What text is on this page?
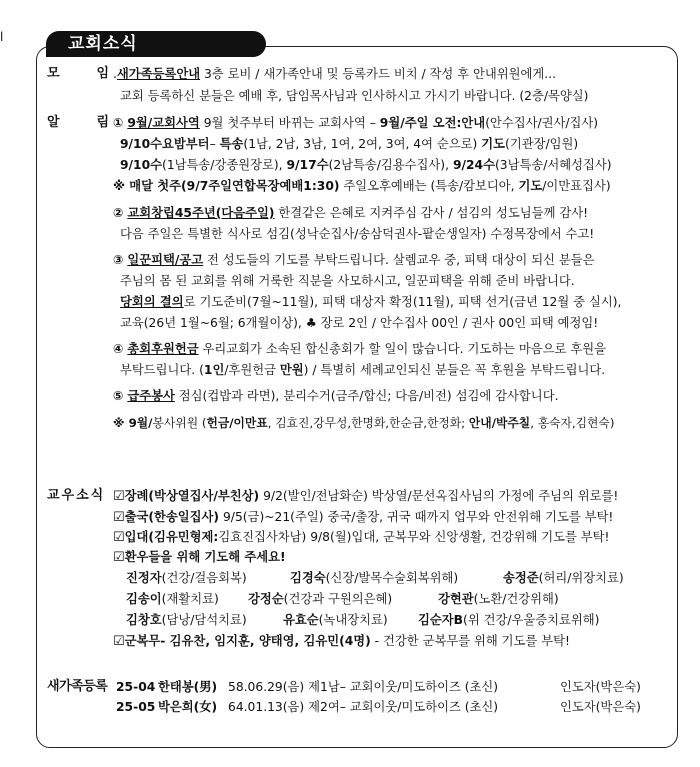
l	교회소식
모	임 .새가족등록안내 3층 로비 / 새가족안내 및 등록카드 비치 / 작성 후 안내위원에게...
교회 등록하신 분들은 예배 후, 담임목사님과 인사하시고 가시기 바랍니다. (2층/목양실)
알	림 ① 9월/교회사역 9월 첫주부터 바뀌는 교회사역 – 9월/주일 오전:안내(안수집사/권사/집사)
9/10수요밤부터– 특송(1남, 2남, 3남, 1여, 2여, 3여, 4여 순으로) 기도(기관장/임원)
9/10수(1남특송/강종원장로), 9/17수(2남특송/김용수집사), 9/24수(3남특송/서혜성집사)
※ 매달 첫주(9/7주일연합목장예배1:30) 주일오후예배는 (특송/캄보디아, 기도/이만표집사)
② 교회창립45주년(다음주일) 한결같은 은혜로 지켜주심 감사 / 섬김의 성도님들께 감사!
다음 주일은 특별한 식사로 섬김(성낙순집사/송삼덕권사-팥순생일자) 수정목장에서 수고!
③ 일꾼피택/공고 전 성도들의 기도를 부탁드립니다. 살렘교우 중, 피택 대상이 되신 분들은
주님의 몸 된 교회를 위해 거룩한 직분을 사모하시고, 일꾼피택을 위해 준비 바랍니다.
당회의 결의로 기도준비(7월~11월), 피택 대상자 확정(11월), 피택 선거(금년 12월 중 실시),
교육(26년 1월~6월; 6개월이상), ♣ 장로 2인 / 안수집사 00인 / 권사 00인 피택 예정임!
④ 총회후원헌금 우리교회가 소속된 합신총회가 할 일이 많습니다. 기도하는 마음으로 후원을
부탁드립니다. (1인/후원헌금 만원) / 특별히 세례교인되신 분들은 꼭 후원을 부탁드립니다.
⑤ 급주봉사 점심(컵밥과 라면), 분리수거(금주/합신; 다음/비전) 섬김에 감사합니다.
※ 9월/봉사위원 (헌금/이만표, 김효진,강무성,한명화,한순금,한정화; 안내/박주칠, 홍숙자,김현숙)
교우소식 ☑장례(박상열집사/부친상) 9/2(발인/전남화순) 박상열/문선옥집사님의 가정에 주님의 위로를!
☑출국(한송일집사) 9/5(금)~21(주일) 중국/출장, 귀국 때까지 업무와 안전위해 기도를 부탁!
☑입대(김유민형제:김효진집사차남) 9/8(월)입대, 군복무와 신앙생활, 건강위해 기도를 부탁!
☑환우들을 위해 기도해 주세요!
진정자(건강/걸음회복)	김경숙(신장/발목수술회복위해)	송정준(허리/위장치료)
김송이(재활치료) 강정순(건강과 구원의은혜)	강현관(노환/건강위해)
김창호(담낭/담석치료)	유효순(녹내장치료) 김순자B(위 건강/우울증치료위해)
☑군복무- 김유찬, 임지훈, 양태영, 김유민(4명) - 건강한 군복무를 위해 기도를 부탁!
새가족등록 25-04 한태봉(男) 58.06.29(음) 제1남– 교회이웃/미도하이즈 (초신)	인도자(박은숙)
25-05 박은희(女) 64.01.13(음) 제2여– 교회이웃/미도하이즈 (초신)	인도자(박은숙)
